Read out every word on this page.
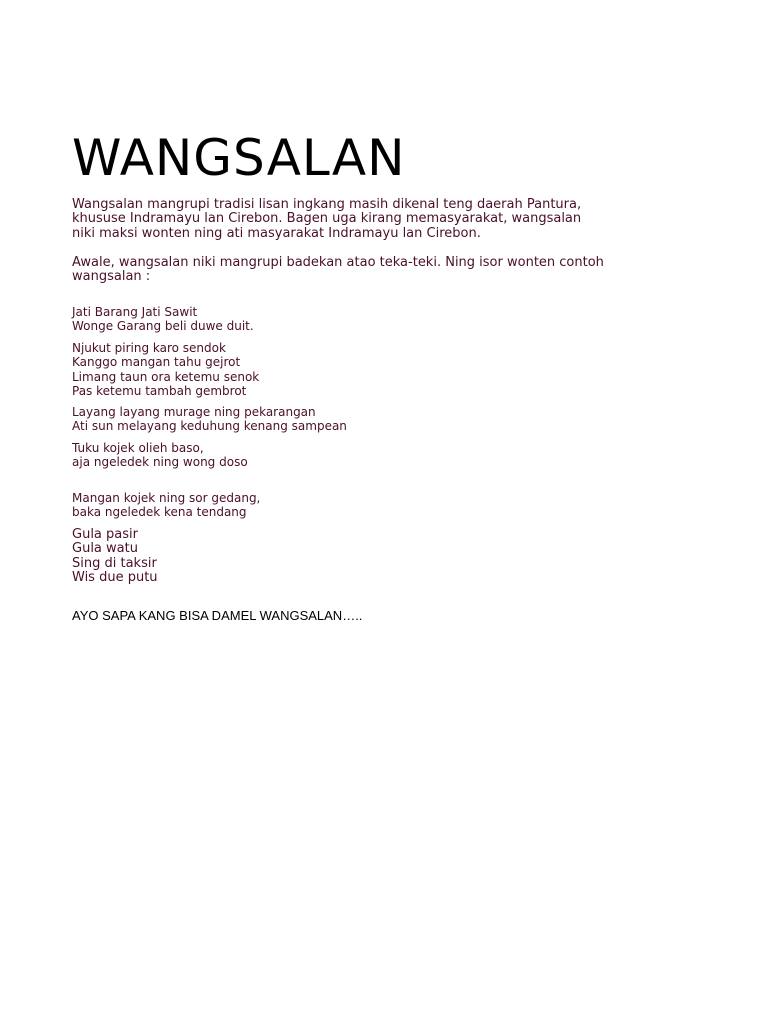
WANGSALAN
Wangsalan mangrupi tradisi lisan ingkang masih dikenal teng daerah Pantura,
khususe Indramayu lan Cirebon. Bagen uga kirang memasyarakat, wangsalan
niki maksi wonten ning ati masyarakat Indramayu lan Cirebon.
Awale, wangsalan niki mangrupi badekan atao teka-teki. Ning isor wonten contoh
wangsalan :
Jati Barang Jati Sawit
Wonge Garang beli duwe duit.
Njukut piring karo sendok
Kanggo mangan tahu gejrot
Limang taun ora ketemu senok
Pas ketemu tambah gembrot
Layang layang murage ning pekarangan
Ati sun melayang keduhung kenang sampean
Tuku kojek olieh baso,
aja ngeledek ning wong doso
Mangan kojek ning sor gedang,
baka ngeledek kena tendang
Gula pasir
Gula watu
Sing di taksir
Wis due putu
AYO SAPA KANG BISA DAMEL WANGSALAN…..
